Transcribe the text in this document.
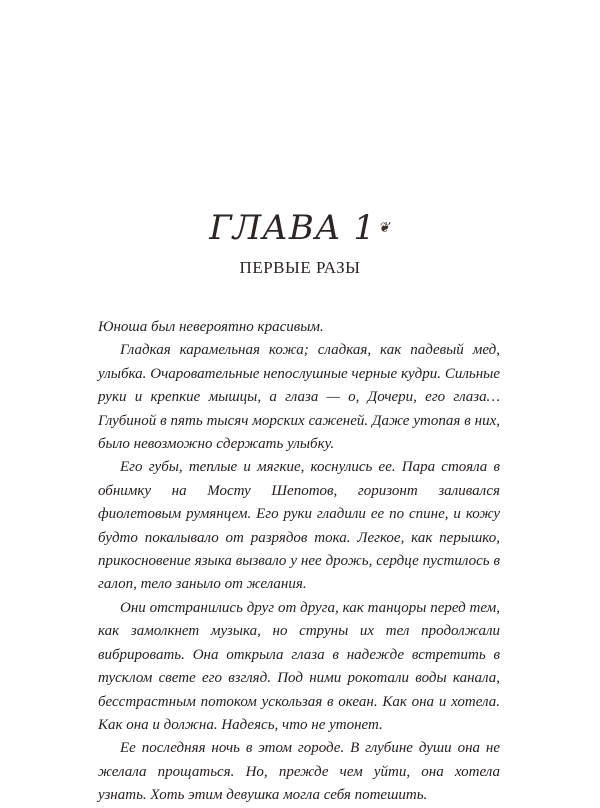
ГЛАВА 1 ❦
ПЕРВЫЕ РАЗЫ

Юноша был невероятно красивым.

Гладкая карамельная кожа; сладкая, как падевый мед, улыбка. Очаровательные непослушные черные кудри. Сильные руки и крепкие мышцы, а глаза — о, Дочери, его глаза… Глубиной в пять тысяч морских саженей. Даже утопая в них, было невозможно сдержать улыбку.

Его губы, теплые и мягкие, коснулись ее. Пара стояла в обнимку на Мосту Шепотов, горизонт заливался фиолетовым румянцем. Его руки гладили ее по спине, и кожу будто покалывало от разрядов тока. Легкое, как перышко, прикосновение языка вызвало у нее дрожь, сердце пустилось в галоп, тело заныло от желания.

Они отстранились друг от друга, как танцоры перед тем, как замолкнет музыка, но струны их тел продолжали вибрировать. Она открыла глаза в надежде встретить в тусклом свете его взгляд. Под ними рокотали воды канала, бесстрастным потоком ускользая в океан. Как она и хотела. Как она и должна. Надеясь, что не утонет.

Ее последняя ночь в этом городе. В глубине души она не желала прощаться. Но, прежде чем уйти, она хотела узнать. Хоть этим девушка могла себя потешить.
